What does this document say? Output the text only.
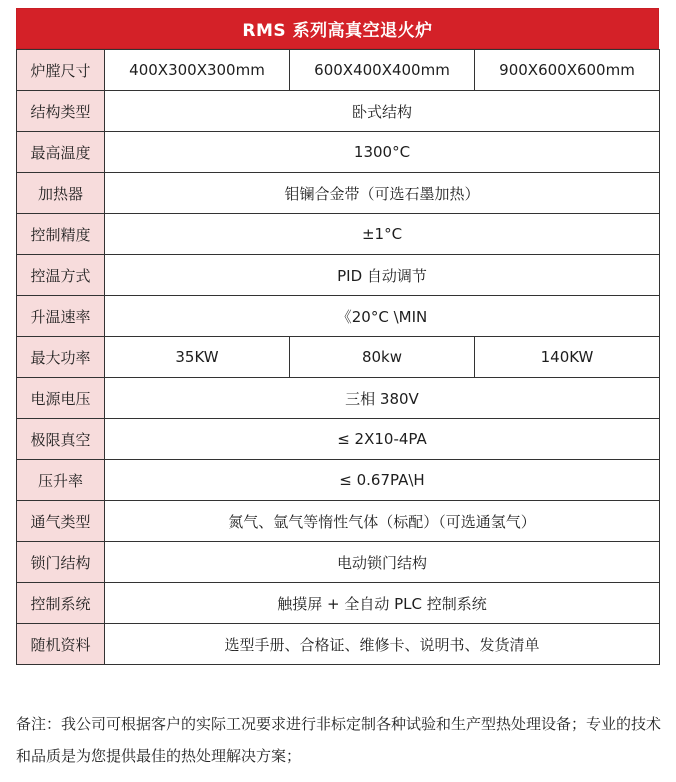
RMS 系列高真空退火炉
炉膛尺寸	400X300X300mm	600X400X400mm	900X600X600mm
结构类型	卧式结构		
最高温度	1300°C		
加热器	钼镧合金带（可选石墨加热）		
控制精度	±1°C		
控温方式	PID 自动调节		
升温速率	《20°C \MIN		
最大功率	35KW	80kw	140KW
电源电压	三相 380V		
极限真空	≤ 2X10-4PA		
压升率	≤ 0.67PA\H		
通气类型	氮气、氩气等惰性气体（标配）（可选通氢气）		
锁门结构	电动锁门结构		
控制系统	触摸屏 + 全自动 PLC 控制系统		
随机资料	选型手册、合格证、维修卡、说明书、发货清单		
备注：我公司可根据客户的实际工况要求进行非标定制各种试验和生产型热处理设备；专业的技术和品质是为您提供最佳的热处理解决方案；
